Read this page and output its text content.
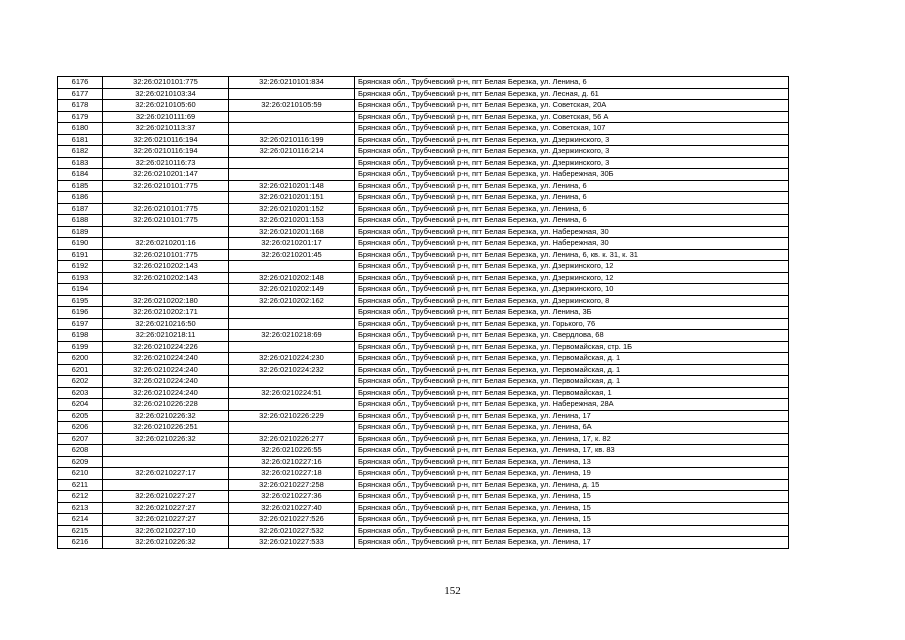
6176	32:26:0210101:775	32:26:0210101:834	Брянская обл., Трубчевский р-н, пгт Белая Березка, ул. Ленина, 6
6177	32:26:0210103:34		Брянская обл., Трубчевский р-н, пгт Белая Березка, ул. Лесная, д. 61
6178	32:26:0210105:60	32:26:0210105:59	Брянская обл., Трубчевский р-н, пгт Белая Березка, ул. Советская, 20А
6179	32:26:0210111:69		Брянская обл., Трубчевский р-н, пгт Белая Березка, ул. Советская, 56 А
6180	32:26:0210113:37		Брянская обл., Трубчевский р-н, пгт Белая Березка, ул. Советская, 107
6181	32:26:0210116:194	32:26:0210116:199	Брянская обл., Трубчевский р-н, пгт Белая Березка, ул. Дзержинского, 3
6182	32:26:0210116:194	32:26:0210116:214	Брянская обл., Трубчевский р-н, пгт Белая Березка, ул. Дзержинского, 3
6183	32:26:0210116:73		Брянская обл., Трубчевский р-н, пгт Белая Березка, ул. Дзержинского, 3
6184	32:26:0210201:147		Брянская обл., Трубчевский р-н, пгт Белая Березка, ул. Набережная, 30Б
6185	32:26:0210101:775	32:26:0210201:148	Брянская обл., Трубчевский р-н, пгт Белая Березка, ул. Ленина, 6
6186		32:26:0210201:151	Брянская обл., Трубчевский р-н, пгт Белая Березка, ул. Ленина, 6
6187	32:26:0210101:775	32:26:0210201:152	Брянская обл., Трубчевский р-н, пгт Белая Березка, ул. Ленина, 6
6188	32:26:0210101:775	32:26:0210201:153	Брянская обл., Трубчевский р-н, пгт Белая Березка, ул. Ленина, 6
6189		32:26:0210201:168	Брянская обл., Трубчевский р-н, пгт Белая Березка, ул. Набережная, 30
6190	32:26:0210201:16	32:26:0210201:17	Брянская обл., Трубчевский р-н, пгт Белая Березка, ул. Набережная, 30
6191	32:26:0210101:775	32:26:0210201:45	Брянская обл., Трубчевский р-н, пгт Белая Березка, ул. Ленина, 6, кв. к. 31, к. 31
6192	32:26:0210202:143		Брянская обл., Трубчевский р-н, пгт Белая Березка, ул. Дзержинского, 12
6193	32:26:0210202:143	32:26:0210202:148	Брянская обл., Трубчевский р-н, пгт Белая Березка, ул. Дзержинского, 12
6194		32:26:0210202:149	Брянская обл., Трубчевский р-н, пгт Белая Березка, ул. Дзержинского, 10
6195	32:26:0210202:180	32:26:0210202:162	Брянская обл., Трубчевский р-н, пгт Белая Березка, ул. Дзержинского, 8
6196	32:26:0210202:171		Брянская обл., Трубчевский р-н, пгт Белая Березка, ул. Ленина, 3Б
6197	32:26:0210216:50		Брянская обл., Трубчевский р-н, пгт Белая Березка, ул. Горького, 76
6198	32:26:0210218:11	32:26:0210218:69	Брянская обл., Трубчевский р-н, пгт Белая Березка, ул. Свердлова, 68
6199	32:26:0210224:226		Брянская обл., Трубчевский р-н, пгт Белая Березка, ул. Первомайская, стр. 1Б
6200	32:26:0210224:240	32:26:0210224:230	Брянская обл., Трубчевский р-н, пгт Белая Березка, ул. Первомайская, д. 1
6201	32:26:0210224:240	32:26:0210224:232	Брянская обл., Трубчевский р-н, пгт Белая Березка, ул. Первомайская, д. 1
6202	32:26:0210224:240		Брянская обл., Трубчевский р-н, пгт Белая Березка, ул. Первомайская, д. 1
6203	32:26:0210224:240	32:26:0210224:51	Брянская обл., Трубчевский р-н, пгт Белая Березка, ул. Первомайская, 1
6204	32:26:0210226:228		Брянская обл., Трубчевский р-н, пгт Белая Березка, ул. Набережная, 28А
6205	32:26:0210226:32	32:26:0210226:229	Брянская обл., Трубчевский р-н, пгт Белая Березка, ул. Ленина, 17
6206	32:26:0210226:251		Брянская обл., Трубчевский р-н, пгт Белая Березка, ул. Ленина, 6А
6207	32:26:0210226:32	32:26:0210226:277	Брянская обл., Трубчевский р-н, пгт Белая Березка, ул. Ленина, 17, к. 82
6208		32:26:0210226:55	Брянская обл., Трубчевский р-н, пгт Белая Березка, ул. Ленина, 17, кв. 83
6209		32:26:0210227:16	Брянская обл., Трубчевский р-н, пгт Белая Березка, ул. Ленина, 13
6210	32:26:0210227:17	32:26:0210227:18	Брянская обл., Трубчевский р-н, пгт Белая Березка, ул. Ленина, 19
6211		32:26:0210227:258	Брянская обл., Трубчевский р-н, пгт Белая Березка, ул. Ленина, д. 15
6212	32:26:0210227:27	32:26:0210227:36	Брянская обл., Трубчевский р-н, пгт Белая Березка, ул. Ленина, 15
6213	32:26:0210227:27	32:26:0210227:40	Брянская обл., Трубчевский р-н, пгт Белая Березка, ул. Ленина, 15
6214	32:26:0210227:27	32:26:0210227:526	Брянская обл., Трубчевский р-н, пгт Белая Березка, ул. Ленина, 15
6215	32:26:0210227:10	32:26:0210227:532	Брянская обл., Трубчевский р-н, пгт Белая Березка, ул. Ленина, 13
6216	32:26:0210226:32	32:26:0210227:533	Брянская обл., Трубчевский р-н, пгт Белая Березка, ул. Ленина, 17
152
